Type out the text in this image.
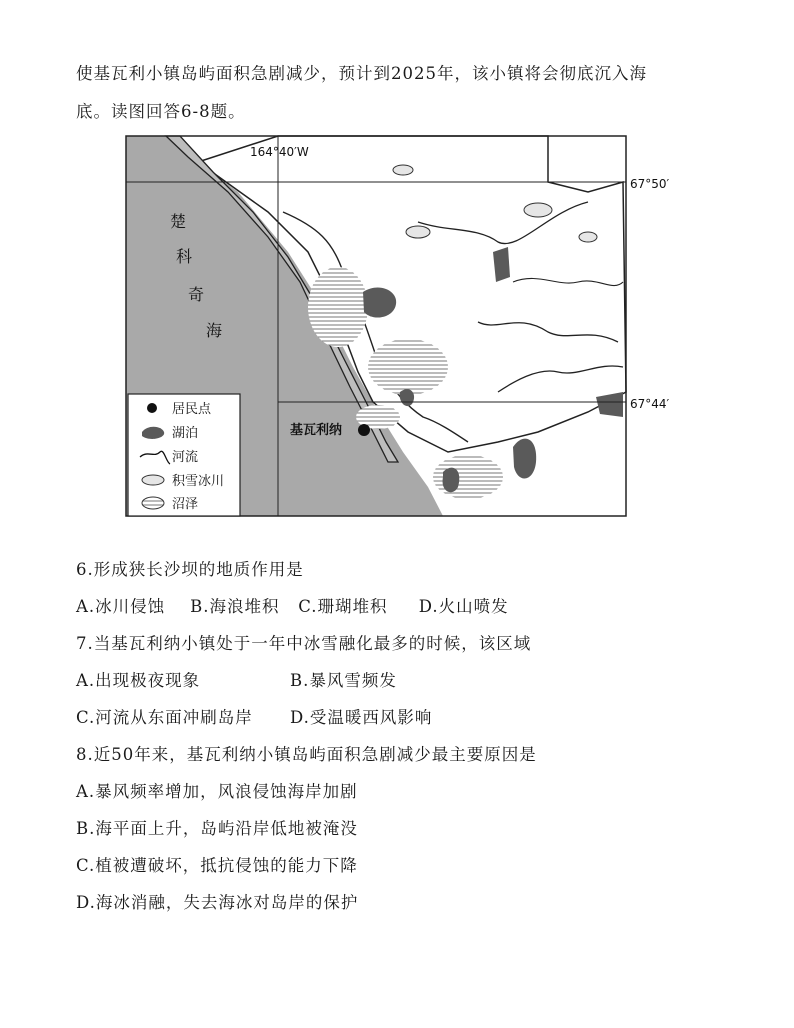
使基瓦利小镇岛屿面积急剧减少，预计到2025年，该小镇将会彻底沉入海
底。读图回答6-8题。
164°40′W
67°50′
67°44′
楚
科
奇
海
基瓦利纳
居民点
湖泊
河流
积雪冰川
沼泽
6.形成狭长沙坝的地质作用是
A.冰川侵蚀    B.海浪堆积   C.珊瑚堆积     D.火山喷发
7.当基瓦利纳小镇处于一年中冰雪融化最多的时候，该区域
A.出现极夜现象	B.暴风雪频发
C.河流从东面冲刷岛岸 D.受温暖西风影响
8.近50年来，基瓦利纳小镇岛屿面积急剧减少最主要原因是
A.暴风频率增加，风浪侵蚀海岸加剧
B.海平面上升，岛屿沿岸低地被淹没
C.植被遭破坏，抵抗侵蚀的能力下降
D.海冰消融，失去海冰对岛岸的保护
